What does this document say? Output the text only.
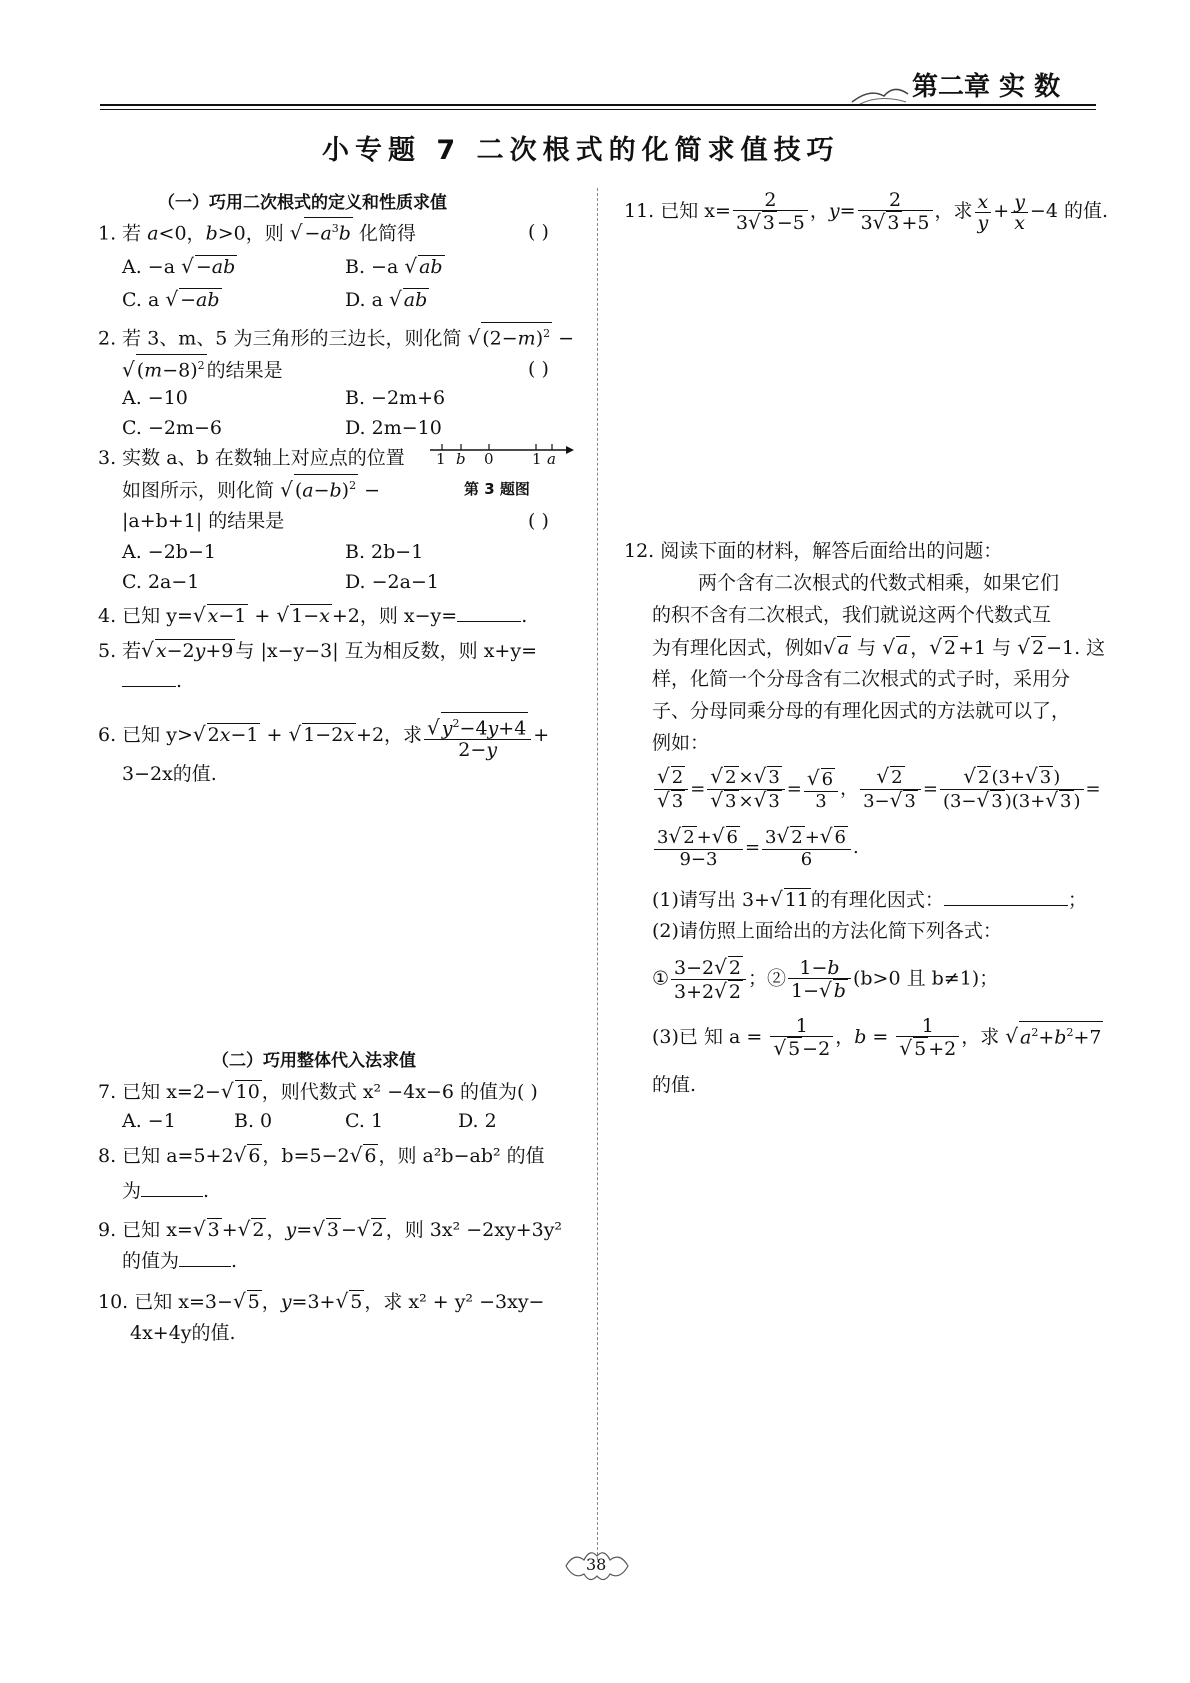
第二章 实 数
小专题 7 二次根式的化简求值技巧
（一）巧用二次根式的定义和性质求值
1. 若 a<0，b>0，则 √ $-a^3b$ 化简得	( )
A. −a √ −ab	B. −a √ ab
C. a √ −ab	D. a √ ab
2. 若 3、m、5 为三角形的三边长，则化简 √ $(2-m)^2$ −
√ $(m-8)^2$ 的结果是	( )
A. −10	B. −2m+6
C. −2m−6	D. 2m−10
3. 实数 a、b 在数轴上对应点的位置
如图所示，则化简 √ $(a-b)^2$ −
|a+b+1| 的结果是	( )
1 b 0	1 a
第 3 题图
A. −2b−1	B. 2b−1
C. 2a−1	D. −2a−1
4. 已知 y=√ x−1 + √ 1−x +2，则 x−y=	.
5. 若√ x−2y+9 与 |x−y−3| 互为相反数，则 x+y=
.
6. 已知 y>√ 2x−1 + √ 1−2x +2，求 $\frac{√ y^2-4y+4}{2-y}$ +
3−2x的值.
（二）巧用整体代入法求值
7. 已知 x=2−√ 10 ，则代数式 x² −4x−6 的值为( )
A. −1	B. 0	C. 1	D. 2
8. 已知 a=5+2√ 6 ，b=5−2√ 6 ，则 a²b−ab² 的值
为	.
9. 已知 x=√ 3 +√ 2 ，y=√ 3 −√ 2 ，则 3x² −2xy+3y²
的值为	.
10. 已知 x=3−√ 5 ，y=3+√ 5 ，求 x² + y² −3xy−
4x+4y的值.
11. 已知 $x= \frac{2}{3√ 3 -5}$ ，$y= \frac{2}{3√ 3 +5}$ ，求 $\frac{x}{y} + \frac{y}{x} -4$ 的值.
12. 阅读下面的材料，解答后面给出的问题：
两个含有二次根式的代数式相乘，如果它们
的积不含有二次根式，我们就说这两个代数式互
为有理化因式，例如√ a 与 √ a ，√ 2 +1 与 √ 2 −1. 这
样，化简一个分母含有二次根式的式子时，采用分
子、分母同乘分母的有理化因式的方法就可以了，
例如：
$\frac{√ 2}{√ 3} = \frac{√ 2 \times√ 3}{√ 3 \times√ 3} = \frac{√ 6}{3}$ ， $\frac{√ 2}{3-√ 3} = \frac{√ 2 (3+√ 3 )}{(3-√ 3 )(3+√ 3 )}$ =
$\frac{3√ 2 +√ 6}{9-3} = \frac{3√ 2 +√ 6}{6}$ .
(1)请写出 3+√ 11 的有理化因式：	；
(2)请仿照上面给出的方法化简下列各式：
① $\frac{3-2√ 2}{3+2√ 2}$ ；② $\frac{1-b}{1-√ b} (b>0$ 且 b≠1)；
(3)已 知 $a = \frac{1}{√ 5 -2}$ ，$b = \frac{1}{√ 5 +2}$ ，求 √ $a^2+b^2+7$
的值.
38
